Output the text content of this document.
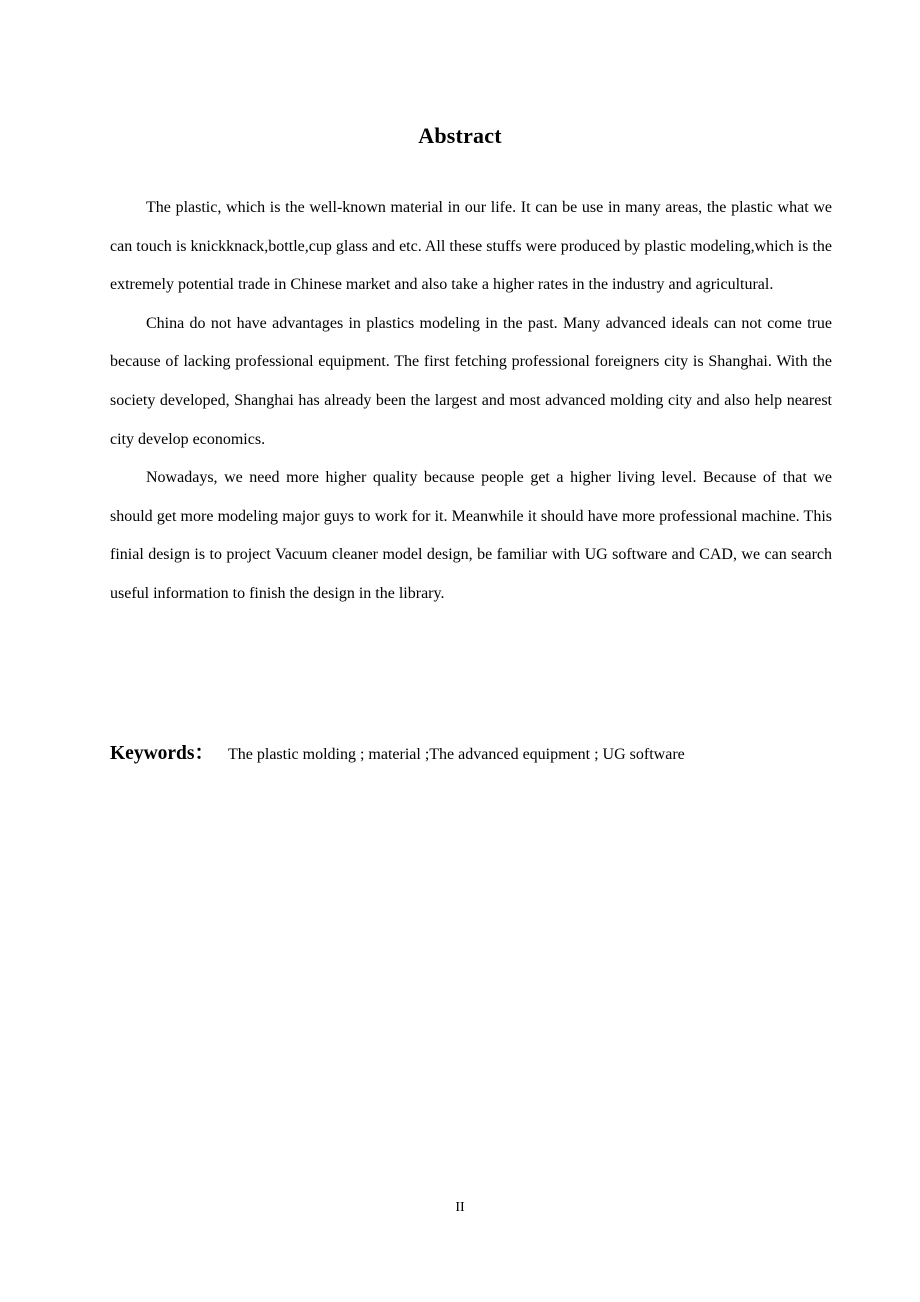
Abstract

The plastic, which is the well-known material in our life. It can be use in many areas, the plastic what we can touch is knickknack,bottle,cup glass and etc. All these stuffs were produced by plastic modeling,which is the extremely potential trade in Chinese market and also take a higher rates in the industry and agricultural.

China do not have advantages in plastics modeling in the past. Many advanced ideals can not come true because of lacking professional equipment. The first fetching professional foreigners city is Shanghai. With the society developed, Shanghai has already been the largest and most advanced molding city and also help nearest city develop economics.

Nowadays, we need more higher quality because people get a higher living level. Because of that we should get more modeling major guys to work for it. Meanwhile it should have more professional machine. This finial design is to project Vacuum cleaner model design, be familiar with UG software and CAD, we can search useful information to finish the design in the library.

Keywords： The plastic molding ; material ;The advanced equipment ; UG software
II
